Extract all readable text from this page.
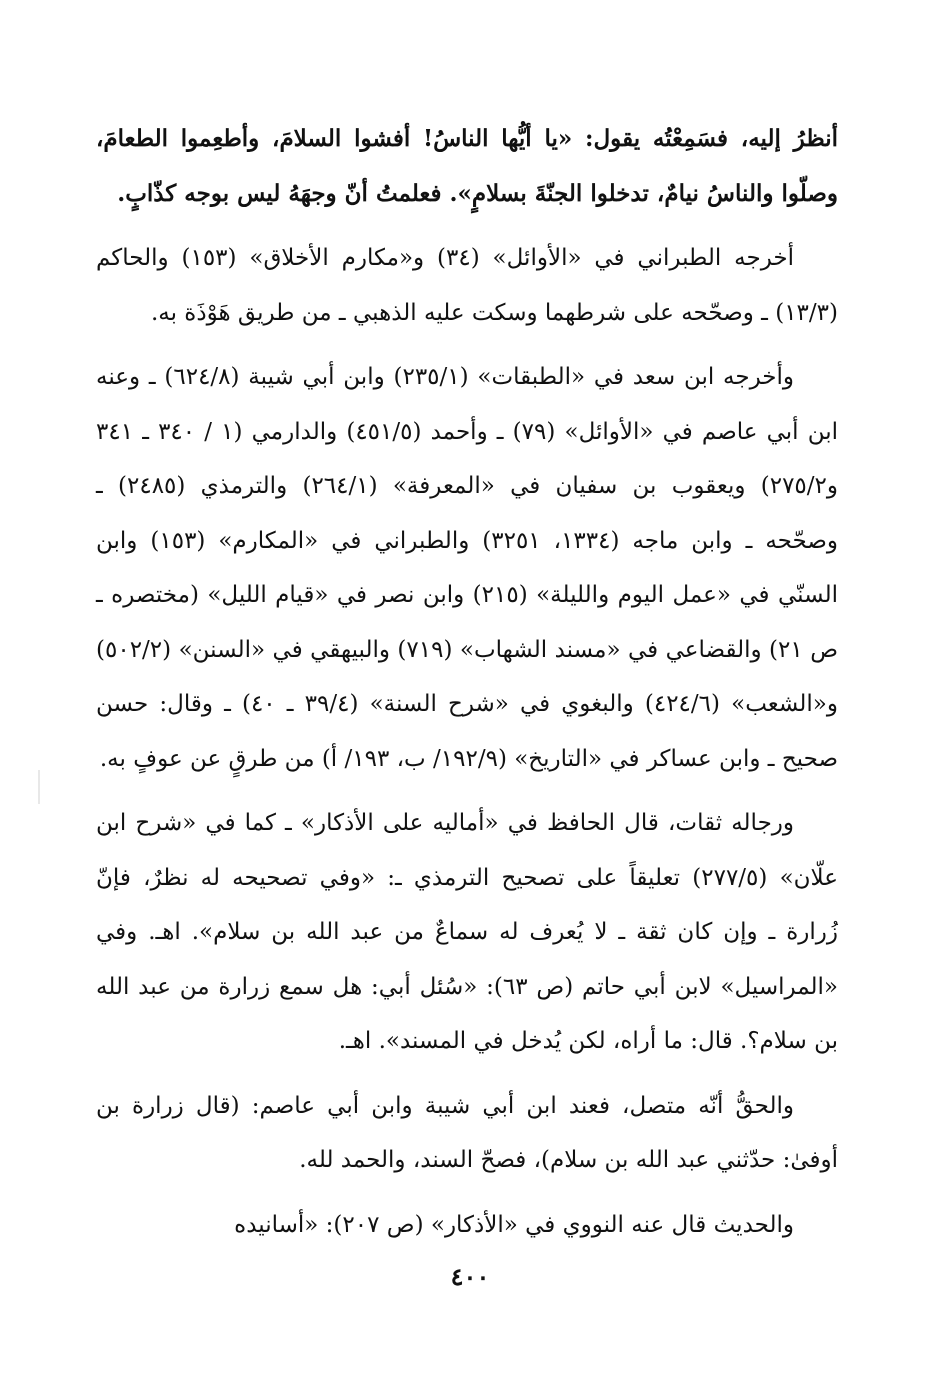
أنظرُ إليه، فسَمِعْتُه يقول: «يا أيُّها الناسُ! أفشوا السلامَ، وأطعِموا الطعامَ، وصلّوا والناسُ نيامٌ، تدخلوا الجنّةَ بسلامٍ». فعلمتُ أنّ وجهَهُ ليس بوجه كذّابٍ.

أخرجه الطبراني في «الأوائل» (٣٤) و«مكارم الأخلاق» (١٥٣) والحاكم (١٣/٣) ـ وصحّحه على شرطهما وسكت عليه الذهبي ـ من طريق هَوْذَة به.

وأخرجه ابن سعد في «الطبقات» (٢٣٥/١) وابن أبي شيبة (٦٢٤/٨) ـ وعنه ابن أبي عاصم في «الأوائل» (٧٩) ـ وأحمد (٤٥١/٥) والدارمي (١ / ٣٤٠ ـ ٣٤١ و٢٧٥/٢) ويعقوب بن سفيان في «المعرفة» (٢٦٤/١) والترمذي (٢٤٨٥) ـ وصحّحه ـ وابن ماجه (١٣٣٤، ٣٢٥١) والطبراني في «المكارم» (١٥٣) وابن السنّي في «عمل اليوم والليلة» (٢١٥) وابن نصر في «قيام الليل» (مختصره ـ ص ٢١) والقضاعي في «مسند الشهاب» (٧١٩) والبيهقي في «السنن» (٥٠٢/٢) و«الشعب» (٤٢٤/٦) والبغوي في «شرح السنة» (٣٩/٤ ـ ٤٠) ـ وقال: حسن صحيح ـ وابن عساكر في «التاريخ» (١٩٢/٩/ ب، ١٩٣/ أ) من طرقٍ عن عوفٍ به.

ورجاله ثقات، قال الحافظ في «أماليه على الأذكار» ـ كما في «شرح ابن علّان» (٢٧٧/٥) تعليقاً على تصحيح الترمذي ـ: «وفي تصحيحه له نظرٌ، فإنّ زُرارة ـ وإن كان ثقة ـ لا يُعرف له سماعٌ من عبد الله بن سلام». اهـ. وفي «المراسيل» لابن أبي حاتم (ص ٦٣): «سُئل أبي: هل سمع زرارة من عبد الله بن سلام؟. قال: ما أراه، لكن يُدخل في المسند». اهـ.

والحقُّ أنّه متصل، فعند ابن أبي شيبة وابن أبي عاصم: (قال زرارة بن أوفىٰ: حدّثني عبد الله بن سلام)، فصحّ السند، والحمد لله.

والحديث قال عنه النووي في «الأذكار» (ص ٢٠٧): «أسانيده

٤٠٠
